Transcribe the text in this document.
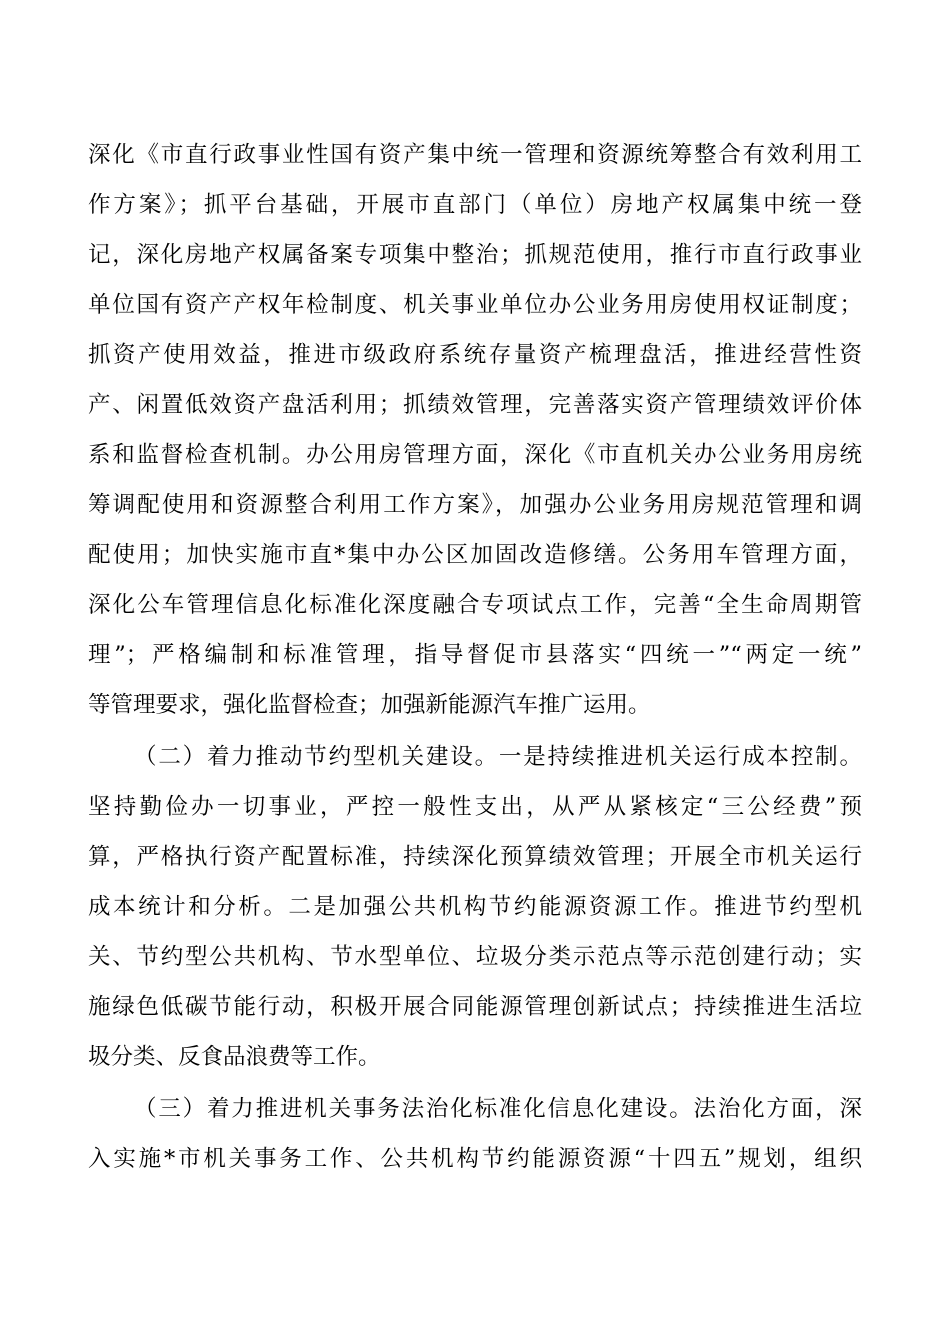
深化《市直行政事业性国有资产集中统一管理和资源统筹整合有效利用工
作方案》；抓平台基础，开展市直部门（单位）房地产权属集中统一登
记，深化房地产权属备案专项集中整治；抓规范使用，推行市直行政事业
单位国有资产产权年检制度、机关事业单位办公业务用房使用权证制度；
抓资产使用效益，推进市级政府系统存量资产梳理盘活，推进经营性资
产、闲置低效资产盘活利用；抓绩效管理，完善落实资产管理绩效评价体
系和监督检查机制。办公用房管理方面，深化《市直机关办公业务用房统
筹调配使用和资源整合利用工作方案》，加强办公业务用房规范管理和调
配使用；加快实施市直*集中办公区加固改造修缮。公务用车管理方面，
深化公车管理信息化标准化深度融合专项试点工作，完善“全生命周期管
理”；严格编制和标准管理，指导督促市县落实“四统一”“两定一统”
等管理要求，强化监督检查；加强新能源汽车推广运用。
（二）着力推动节约型机关建设。一是持续推进机关运行成本控制。
坚持勤俭办一切事业，严控一般性支出，从严从紧核定“三公经费”预
算，严格执行资产配置标准，持续深化预算绩效管理；开展全市机关运行
成本统计和分析。二是加强公共机构节约能源资源工作。推进节约型机
关、节约型公共机构、节水型单位、垃圾分类示范点等示范创建行动；实
施绿色低碳节能行动，积极开展合同能源管理创新试点；持续推进生活垃
圾分类、反食品浪费等工作。
（三）着力推进机关事务法治化标准化信息化建设。法治化方面，深
入实施*市机关事务工作、公共机构节约能源资源“十四五”规划，组织
